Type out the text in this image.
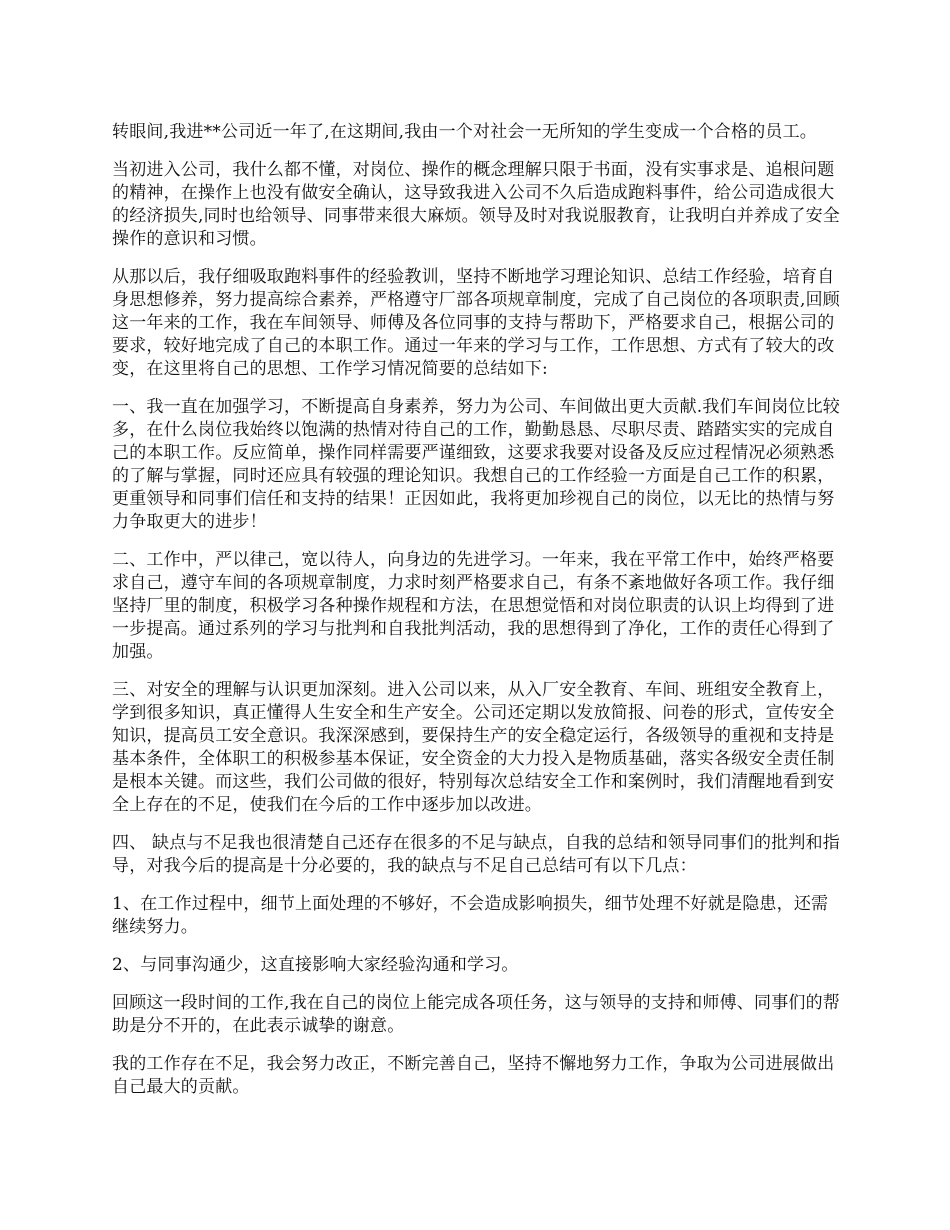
转眼间,我进**公司近一年了,在这期间,我由一个对社会一无所知的学生变成一个合格的员工。

当初进入公司，我什么都不懂，对岗位、操作的概念理解只限于书面，没有实事求是、追根问题的精神，在操作上也没有做安全确认，这导致我进入公司不久后造成跑料事件，给公司造成很大的经济损失,同时也给领导、同事带来很大麻烦。领导及时对我说服教育，让我明白并养成了安全操作的意识和习惯。

从那以后，我仔细吸取跑料事件的经验教训，坚持不断地学习理论知识、总结工作经验，培育自身思想修养，努力提高综合素养，严格遵守厂部各项规章制度，完成了自己岗位的各项职责,回顾这一年来的工作，我在车间领导、师傅及各位同事的支持与帮助下，严格要求自己，根据公司的要求，较好地完成了自己的本职工作。通过一年来的学习与工作，工作思想、方式有了较大的改变，在这里将自己的思想、工作学习情况简要的总结如下:

一、我一直在加强学习，不断提高自身素养，努力为公司、车间做出更大贡献.我们车间岗位比较多，在什么岗位我始终以饱满的热情对待自己的工作，勤勤恳恳、尽职尽责、踏踏实实的完成自己的本职工作。反应简单，操作同样需要严谨细致，这要求我要对设备及反应过程情况必须熟悉的了解与掌握，同时还应具有较强的理论知识。我想自己的工作经验一方面是自己工作的积累，更重领导和同事们信任和支持的结果！正因如此，我将更加珍视自己的岗位，以无比的热情与努力争取更大的进步！

二、工作中，严以律己，宽以待人，向身边的先进学习。一年来，我在平常工作中，始终严格要求自己，遵守车间的各项规章制度，力求时刻严格要求自己，有条不紊地做好各项工作。我仔细坚持厂里的制度，积极学习各种操作规程和方法，在思想觉悟和对岗位职责的认识上均得到了进一步提高。通过系列的学习与批判和自我批判活动，我的思想得到了净化，工作的责任心得到了加强。

三、对安全的理解与认识更加深刻。进入公司以来，从入厂安全教育、车间、班组安全教育上，学到很多知识，真正懂得人生安全和生产安全。公司还定期以发放简报、问卷的形式，宣传安全知识，提高员工安全意识。我深深感到，要保持生产的安全稳定运行，各级领导的重视和支持是基本条件，全体职工的积极参基本保证，安全资金的大力投入是物质基础，落实各级安全责任制是根本关键。而这些，我们公司做的很好，特别每次总结安全工作和案例时，我们清醒地看到安全上存在的不足，使我们在今后的工作中逐步加以改进。

四、 缺点与不足我也很清楚自己还存在很多的不足与缺点，自我的总结和领导同事们的批判和指导，对我今后的提高是十分必要的，我的缺点与不足自己总结可有以下几点：

1、在工作过程中，细节上面处理的不够好，不会造成影响损失，细节处理不好就是隐患，还需继续努力。

2、与同事沟通少，这直接影响大家经验沟通和学习。

回顾这一段时间的工作,我在自己的岗位上能完成各项任务，这与领导的支持和师傅、同事们的帮助是分不开的，在此表示诚挚的谢意。

我的工作存在不足，我会努力改正，不断完善自己，坚持不懈地努力工作，争取为公司进展做出自己最大的贡献。
